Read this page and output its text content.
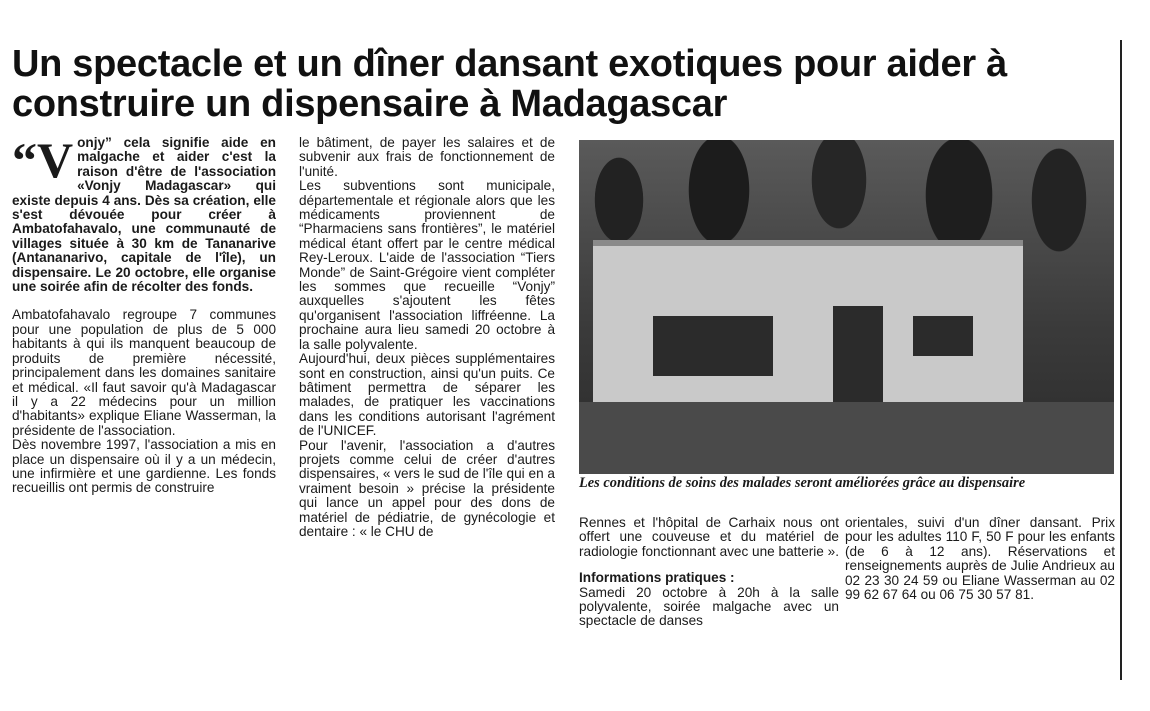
Un spectacle et un dîner dansant exotiques pour aider à construire un dispensaire à Madagascar

“Vonjy” cela signifie aide en malgache et aider c'est la raison d'être de l'association «Vonjy Madagascar» qui existe depuis 4 ans. Dès sa création, elle s'est dévouée pour créer à Ambatofahavalo, une communauté de villages située à 30 km de Tananarive (Antananarivo, capitale de l'île), un dispensaire. Le 20 octobre, elle organise une soirée afin de récolter des fonds.

Ambatofahavalo regroupe 7 communes pour une population de plus de 5 000 habitants à qui ils manquent beaucoup de produits de première nécessité, principalement dans les domaines sanitaire et médical. «Il faut savoir qu'à Madagascar il y a 22 médecins pour un million d'habitants» explique Eliane Wasserman, la présidente de l'association.

Dès novembre 1997, l'association a mis en place un dispensaire où il y a un médecin, une infirmière et une gardienne. Les fonds recueillis ont permis de construire

le bâtiment, de payer les salaires et de subvenir aux frais de fonctionnement de l'unité.

Les subventions sont municipale, départementale et régionale alors que les médicaments proviennent de “Pharmaciens sans frontières”, le matériel médical étant offert par le centre médical Rey-Leroux. L'aide de l'association “Tiers Monde” de Saint-Grégoire vient compléter les sommes que recueille “Vonjy” auxquelles s'ajoutent les fêtes qu'organisent l'association liffréenne. La prochaine aura lieu samedi 20 octobre à la salle polyvalente.

Aujourd'hui, deux pièces supplémentaires sont en construction, ainsi qu'un puits. Ce bâtiment permettra de séparer les malades, de pratiquer les vaccinations dans les conditions autorisant l'agrément de l'UNICEF.

Pour l'avenir, l'association a d'autres projets comme celui de créer d'autres dispensaires, « vers le sud de l'île qui en a vraiment besoin » précise la présidente qui lance un appel pour des dons de matériel de pédiatrie, de gynécologie et dentaire : « le CHU de

Les conditions de soins des malades seront améliorées grâce au dispensaire

Rennes et l'hôpital de Carhaix nous ont offert une couveuse et du matériel de radiologie fonctionnant avec une batterie ».

Informations pratiques :
Samedi 20 octobre à 20h à la salle polyvalente, soirée malgache avec un spectacle de danses

orientales, suivi d'un dîner dansant. Prix pour les adultes 110 F, 50 F pour les enfants (de 6 à 12 ans). Réservations et renseignements auprès de Julie Andrieux au 02 23 30 24 59 ou Eliane Wasserman au 02 99 62 67 64 ou 06 75 30 57 81.
